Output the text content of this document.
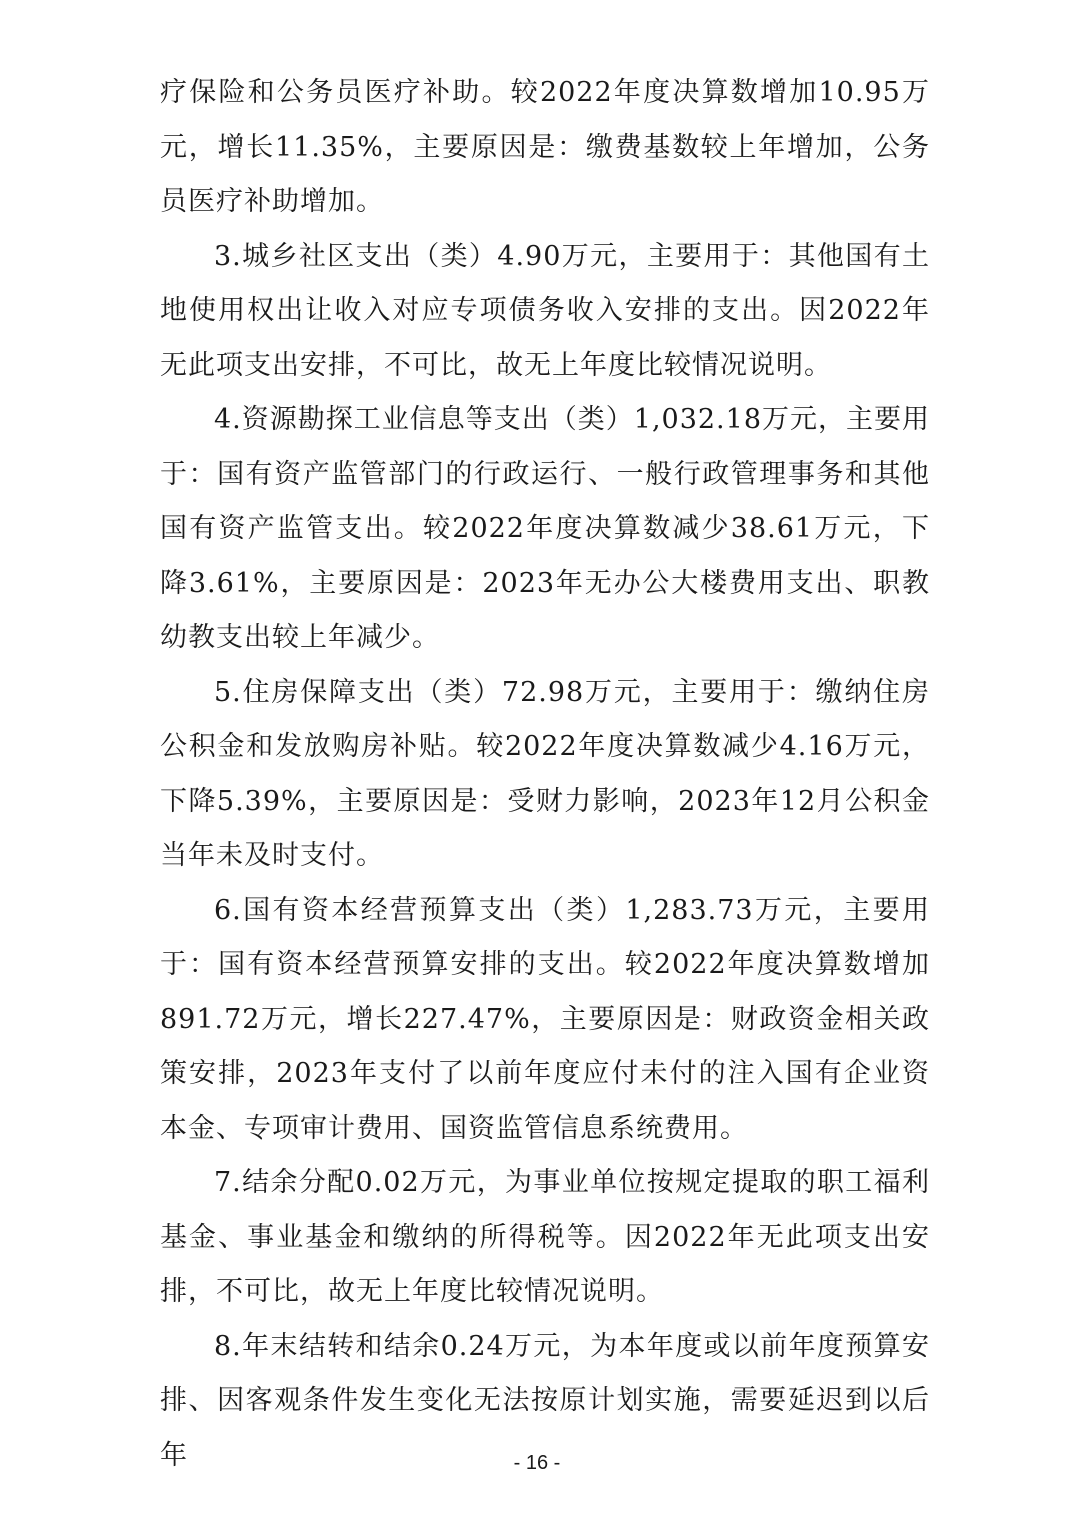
疗保险和公务员医疗补助。较2022年度决算数增加10.95万元，增长11.35%，主要原因是：缴费基数较上年增加，公务员医疗补助增加。

3.城乡社区支出（类）4.90万元，主要用于：其他国有土地使用权出让收入对应专项债务收入安排的支出。因2022年无此项支出安排，不可比，故无上年度比较情况说明。

4.资源勘探工业信息等支出（类）1,032.18万元，主要用于：国有资产监管部门的行政运行、一般行政管理事务和其他国有资产监管支出。较2022年度决算数减少38.61万元，下降3.61%，主要原因是：2023年无办公大楼费用支出、职教幼教支出较上年减少。

5.住房保障支出（类）72.98万元，主要用于：缴纳住房公积金和发放购房补贴。较2022年度决算数减少4.16万元，下降5.39%，主要原因是：受财力影响，2023年12月公积金当年未及时支付。

6.国有资本经营预算支出（类）1,283.73万元，主要用于：国有资本经营预算安排的支出。较2022年度决算数增加891.72万元，增长227.47%，主要原因是：财政资金相关政策安排，2023年支付了以前年度应付未付的注入国有企业资本金、专项审计费用、国资监管信息系统费用。

7.结余分配0.02万元，为事业单位按规定提取的职工福利基金、事业基金和缴纳的所得税等。因2022年无此项支出安排，不可比，故无上年度比较情况说明。

8.年末结转和结余0.24万元，为本年度或以前年度预算安排、因客观条件发生变化无法按原计划实施，需要延迟到以后年	- 16 -
